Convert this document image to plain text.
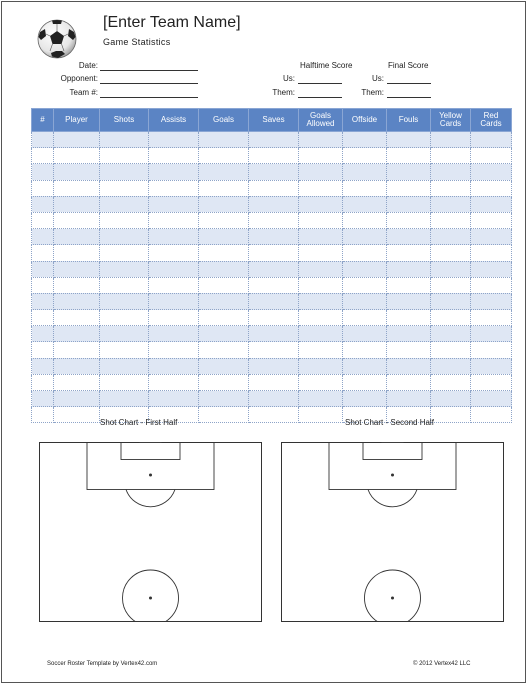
[Enter Team Name]
Game Statistics
Date:
Opponent:
Team #:
Halftime Score	Final Score
Us:
Them:
Us:
Them:
#	Player	Shots	Assists	Goals	Saves	Goals Allowed	Offside	Fouls	Yellow Cards	Red Cards

Shot Chart - First Half	Shot Chart - Second Half
Soccer Roster Template by Vertex42.com	© 2012 Vertex42 LLC
